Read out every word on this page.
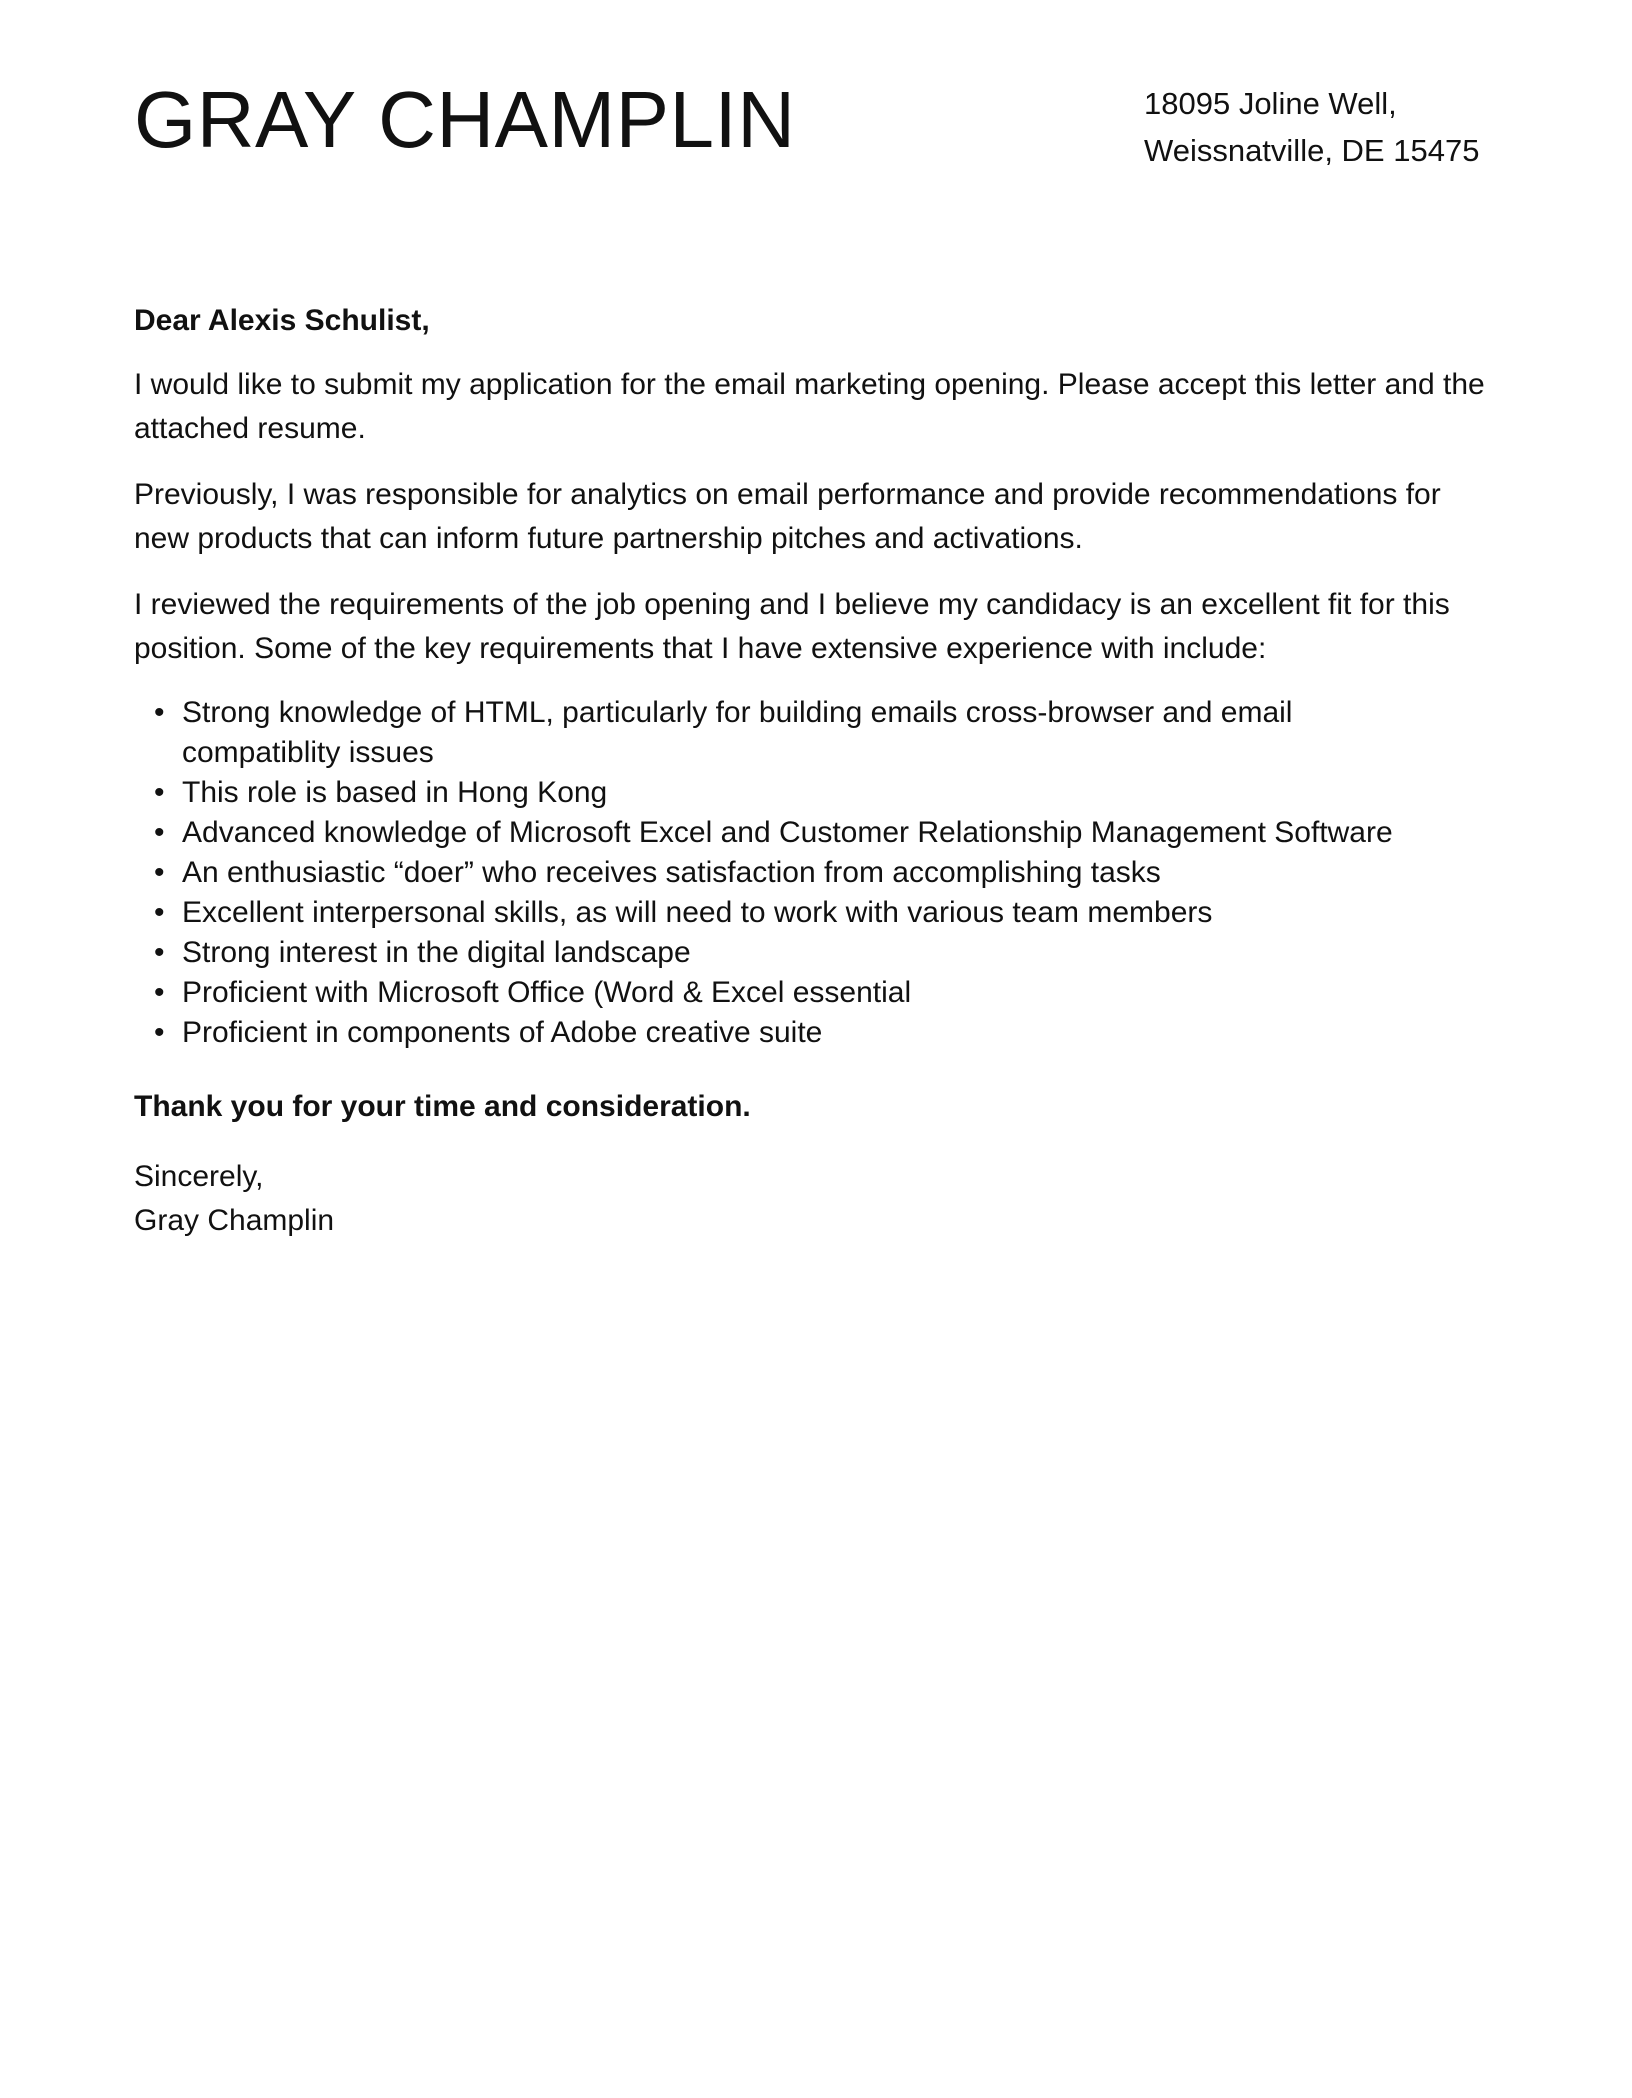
GRAY CHAMPLIN	18095 Joline Well,
Weissnatville, DE 15475

Dear Alexis Schulist,

I would like to submit my application for the email marketing opening. Please accept this letter and the attached resume.

Previously, I was responsible for analytics on email performance and provide recommendations for new products that can inform future partnership pitches and activations.

I reviewed the requirements of the job opening and I believe my candidacy is an excellent fit for this position. Some of the key requirements that I have extensive experience with include:

• Strong knowledge of HTML, particularly for building emails cross-browser and email compatiblity issues
• This role is based in Hong Kong
• Advanced knowledge of Microsoft Excel and Customer Relationship Management Software
• An enthusiastic “doer” who receives satisfaction from accomplishing tasks
• Excellent interpersonal skills, as will need to work with various team members
• Strong interest in the digital landscape
• Proficient with Microsoft Office (Word & Excel essential
• Proficient in components of Adobe creative suite

Thank you for your time and consideration.

Sincerely,
Gray Champlin
